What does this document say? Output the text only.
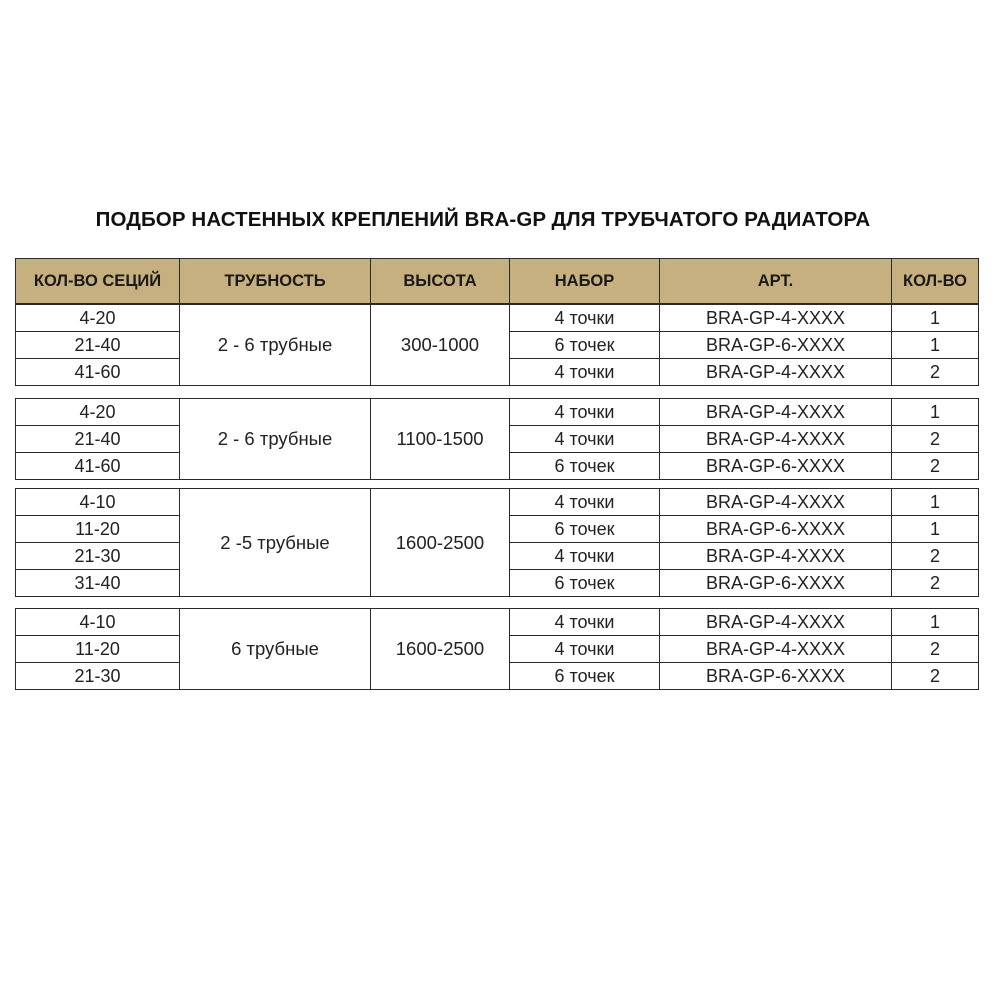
ПОДБОР НАСТЕННЫХ КРЕПЛЕНИЙ BRA-GP ДЛЯ ТРУБЧАТОГО РАДИАТОРА
КОЛ-ВО СЕЦИЙ	ТРУБНОСТЬ	ВЫСОТА	НАБОР	АРТ.	КОЛ-ВО
4-20	2 - 6 трубные	300-1000	4 точки	BRA-GP-4-XXXX	1
21-40			6 точек	BRA-GP-6-XXXX	1
41-60			4 точки	BRA-GP-4-XXXX	2
4-20	2 - 6 трубные	1100-1500	4 точки	BRA-GP-4-XXXX	1
21-40			4 точки	BRA-GP-4-XXXX	2
41-60			6 точек	BRA-GP-6-XXXX	2
4-10	2 -5 трубные	1600-2500	4 точки	BRA-GP-4-XXXX	1
11-20			6 точек	BRA-GP-6-XXXX	1
21-30			4 точки	BRA-GP-4-XXXX	2
31-40			6 точек	BRA-GP-6-XXXX	2
4-10	6 трубные	1600-2500	4 точки	BRA-GP-4-XXXX	1
11-20			4 точки	BRA-GP-4-XXXX	2
21-30			6 точек	BRA-GP-6-XXXX	2
